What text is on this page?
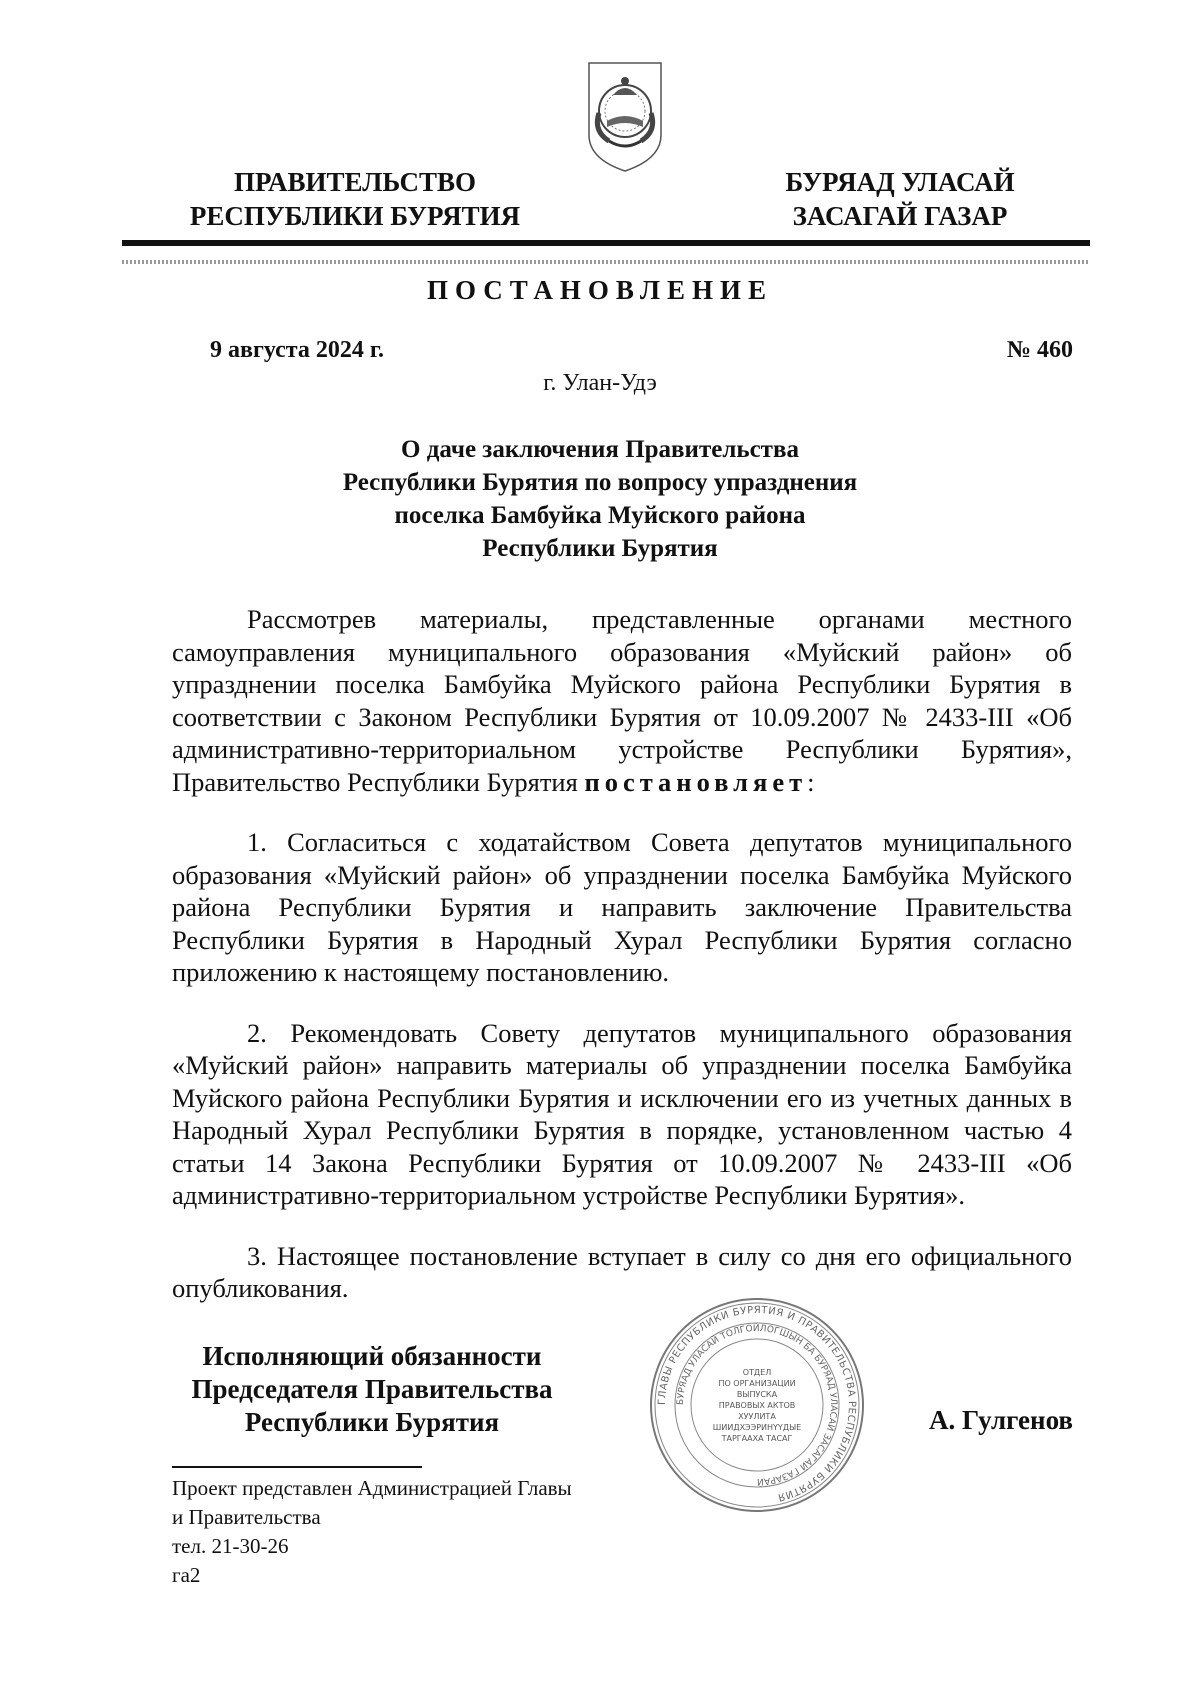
ПРАВИТЕЛЬСТВО
РЕСПУБЛИКИ БУРЯТИЯ
БУРЯАД УЛАСАЙ
ЗАСАГАЙ ГАЗАР
ПОСТАНОВЛЕНИЕ
9 августа 2024 г.	№ 460
г. Улан-Удэ
О даче заключения Правительства
Республики Бурятия по вопросу упразднения
поселка Бамбуйка Муйского района
Республики Бурятия

Рассмотрев материалы, представленные органами местного самоуправления муниципального образования «Муйский район» об упразднении поселка Бамбуйка Муйского района Республики Бурятия в соответствии с Законом Республики Бурятия от 10.09.2007 № 2433-III «Об административно-территориальном устройстве Республики Бурятия», Правительство Республики Бурятия постановляет:

1. Согласиться с ходатайством Совета депутатов муниципального образования «Муйский район» об упразднении поселка Бамбуйка Муйского района Республики Бурятия и направить заключение Правительства Республики Бурятия в Народный Хурал Республики Бурятия согласно приложению к настоящему постановлению.

2. Рекомендовать Совету депутатов муниципального образования «Муйский район» направить материалы об упразднении поселка Бамбуйка Муйского района Республики Бурятия и исключении его из учетных данных в Народный Хурал Республики Бурятия в порядке, установленном частью 4 статьи 14 Закона Республики Бурятия от 10.09.2007 № 2433-III «Об административно-территориальном устройстве Республики Бурятия».

3. Настоящее постановление вступает в силу со дня его официального опубликования.

Исполняющий обязанности
Председателя Правительства
Республики Бурятия
ГЛАВЫ РЕСПУБЛИКИ БУРЯТИЯ И ПРАВИТЕЛЬСТВА РЕСПУБЛИКИ БУРЯТИЯ
БУРЯАД УЛАСАЙ ТОЛГОЙЛОГШЫН БА БУРЯАД УЛАСАЙ ЗАСАГАЙ ГАЗАРАЙ
ОТДЕЛ
ПО ОРГАНИЗАЦИИ
ВЫПУСКА
ПРАВОВЫХ АКТОВ
ХУУЛИТА
ШИИДХЭЭРИНҮҮДЫЕ
ТАРГААХА ТАСАГ
А. Гулгенов
Проект представлен Администрацией Главы
и Правительства
тел. 21-30-26
га2
